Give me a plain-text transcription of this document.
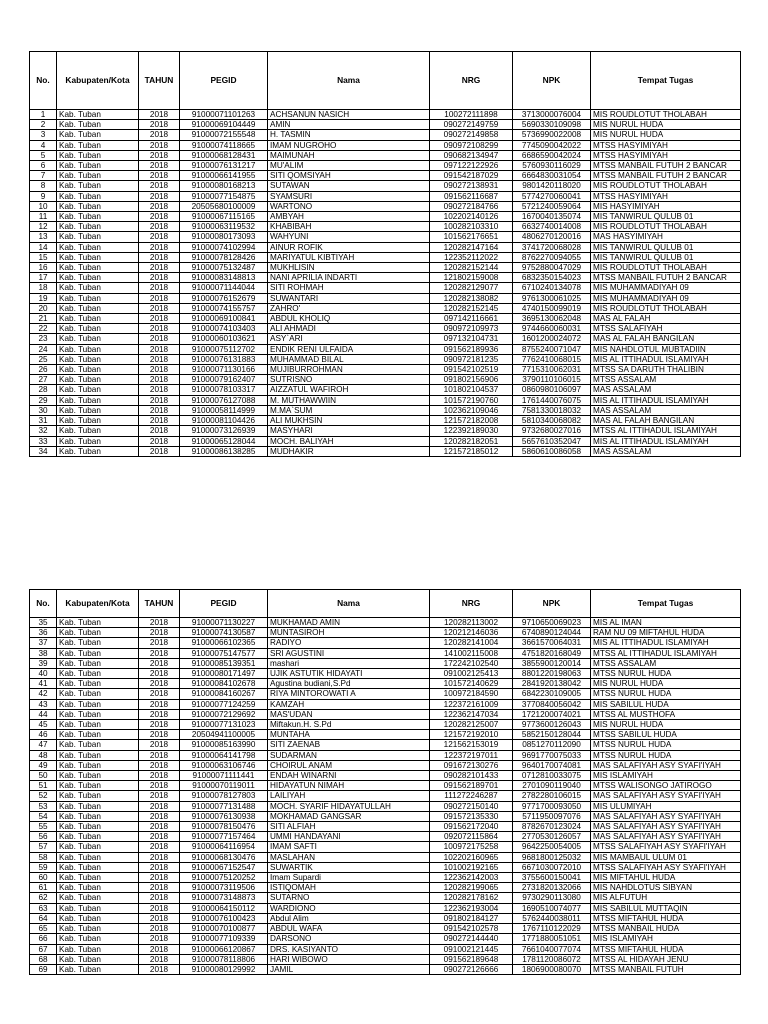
No.	Kabupaten/Kota	TAHUN	PEGID	Nama	NRG	NPK	Tempat Tugas
1	Kab. Tuban	2018	91000071101263	ACHSANUN NASICH	100272111898	3713000076004	MIS ROUDLOTUT THOLABAH
2	Kab. Tuban	2018	91000069104449	AMIN	090272149759	5690330109098	MIS NURUL HUDA
3	Kab. Tuban	2018	91000072155548	H. TASMIN	090272149858	5736990022008	MIS NURUL HUDA
4	Kab. Tuban	2018	91000074118665	IMAM NUGROHO	090972108299	7745090042022	MTSS HASYIMIYAH
5	Kab. Tuban	2018	91000068128431	MAIMUNAH	090682134947	6686590042024	MTSS HASYIMIYAH
6	Kab. Tuban	2018	91000076131217	MU'ALIM	097122122926	5760930116029	MTSS MANBAIL FUTUH 2 BANCAR
7	Kab. Tuban	2018	91000066141955	SITI QOMSIYAH	091542187029	6664830031054	MTSS MANBAIL FUTUH 2 BANCAR
8	Kab. Tuban	2018	91000080168213	SUTAWAN	090272138931	9801420118020	MIS ROUDLOTUT THOLABAH
9	Kab. Tuban	2018	91000077154875	SYAMSURI	091562116687	5774270060041	MTSS HASYIMIYAH
10	Kab. Tuban	2018	20505680100009	WARTONO	090272184766	5721240059064	MIS HASYIMIYAH
11	Kab. Tuban	2018	91000067115165	AMBYAH	102202140126	1670040135074	MIS TANWIRUL QULUB 01
12	Kab. Tuban	2018	91000063119532	KHABIBAH	100282103310	6632740014008	MIS ROUDLOTUT THOLABAH
13	Kab. Tuban	2018	91000080173093	WAHYUNI	101562176651	4806270120016	MAS HASYIMIYAH
14	Kab. Tuban	2018	91000074102994	AINUR ROFIK	120282147164	3741720068028	MIS TANWIRUL QULUB 01
15	Kab. Tuban	2018	91000078128426	MARIYATUL KIBTIYAH	122352112022	8762270094055	MIS TANWIRUL QULUB 01
16	Kab. Tuban	2018	91000075132487	MUKHLISIN	120282152144	9752880047029	MIS ROUDLOTUT THOLABAH
17	Kab. Tuban	2018	91000083148813	NANI APRILIA INDARTI	121802159008	6832350154023	MTSS MANBAIL FUTUH 2 BANCAR
18	Kab. Tuban	2018	91000071144044	SITI ROHMAH	120282129077	6710240134078	MIS MUHAMMADIYAH 09
19	Kab. Tuban	2018	91000076152679	SUWANTARI	120282138082	9761300061025	MIS MUHAMMADIYAH 09
20	Kab. Tuban	2018	91000074155757	ZAHRO'	120282152145	4740150099019	MIS ROUDLOTUT THOLABAH
21	Kab. Tuban	2018	91000069100841	ABDUL KHOLIQ	097142116661	3695130062048	MAS AL FALAH
22	Kab. Tuban	2018	91000074103403	ALI AHMADI	090972109973	9744660060031	MTSS SALAFIYAH
23	Kab. Tuban	2018	91000060103621	ASY`ARI	097132104731	1601200024072	MAS AL FALAH BANGILAN
24	Kab. Tuban	2018	91000075112702	ENDIK RENI ULFAIDA	091562189936	8755240071047	MIS NAHDLOTUL MUBTADIIN
25	Kab. Tuban	2018	91000076131883	MUHAMMAD BILAL	090972181235	7762410068015	MIS AL ITTIHADUL ISLAMIYAH
26	Kab. Tuban	2018	91000071130166	MUJIBURROHMAN	091542102519	7715310062031	MTSS SA DARUTH THALIBIN
27	Kab. Tuban	2018	91000079162407	SUTRISNO	091802156906	3790110106015	MTSS ASSALAM
28	Kab. Tuban	2018	91000078103317	AIZZATUL WAFIROH	101802104537	0860980106097	MAS ASSALAM
29	Kab. Tuban	2018	91000076127088	M. MUTHAWWIIN	101572190760	1761440076075	MIS AL ITTIHADUL ISLAMIYAH
30	Kab. Tuban	2018	91000058114999	M.MA`SUM	102362109046	7581330018032	MAS ASSALAM
31	Kab. Tuban	2018	91000081104426	ALI MUKHSIN	121572182008	5810340068082	MAS AL FALAH BANGILAN
32	Kab. Tuban	2018	91000073126939	MASYHARI	122392189030	9732680027016	MTSS AL ITTIHADUL ISLAMIYAH
33	Kab. Tuban	2018	91000065128044	MOCH. BALIYAH	120282182051	5657610352047	MIS AL ITTIHADUL ISLAMIYAH
34	Kab. Tuban	2018	91000086138285	MUDHAKIR	121572185012	5860610086058	MAS ASSALAM
No.	Kabupaten/Kota	TAHUN	PEGID	Nama	NRG	NPK	Tempat Tugas
35	Kab. Tuban	2018	91000071130227	MUKHAMAD AMIN	120282113002	9710650069023	MIS AL IMAN
36	Kab. Tuban	2018	91000074130587	MUNTASIROH	120212146036	6740890124044	RAM NU 09 MIFTAHUL HUDA
37	Kab. Tuban	2018	91000066102365	RADIYO	120282141004	3661570064031	MIS AL ITTIHADUL ISLAMIYAH
38	Kab. Tuban	2018	91000075147577	SRI AGUSTINI	141002115008	4751820168049	MTSS AL ITTIHADUL ISLAMIYAH
39	Kab. Tuban	2018	91000085139351	mashari	172242102540	3855900120014	MTSS ASSALAM
40	Kab. Tuban	2018	91000080171497	UJIK ASTUTIK HIDAYATI	091002125413	8801220198063	MTSS NURUL HUDA
41	Kab. Tuban	2018	91000084102678	Agustina budiani,S.Pd	101572140629	2841920138042	MIS NURUL HUDA
42	Kab. Tuban	2018	91000084160267	RIYA MINTOROWATI A	100972184590	6842230109005	MTSS NURUL HUDA
43	Kab. Tuban	2018	91000077124259	KAMZAH	122372161009	3770840056042	MIS SABILUL HUDA
44	Kab. Tuban	2018	91000072129692	MAS'UDAN	122362147034	1721200074021	MTSS AL MUSTHOFA
45	Kab. Tuban	2018	91000077131023	Miftakun.H. S.Pd	120282125007	9773600126043	MIS NURUL HUDA
46	Kab. Tuban	2018	20504941100005	MUNTAHA	121572192010	5852150128044	MTSS SABILUL HUDA
47	Kab. Tuban	2018	91000085163990	SITI ZAENAB	121562153019	0851270112090	MTSS NURUL HUDA
48	Kab. Tuban	2018	91000064141798	SUDARMAN	122372197011	9691770075033	MTSS NURUL HUDA
49	Kab. Tuban	2018	91000063106746	CHOIRUL ANAM	091672130276	9640170074081	MAS SALAFIYAH ASY SYAFI'IYAH
50	Kab. Tuban	2018	91000071111441	ENDAH WINARNI	090282101433	0712810033075	MIS ISLAMIYAH
51	Kab. Tuban	2018	91000070119011	HIDAYATUN NIMAH	091562189701	2701090119040	MTSS WALISONGO JATIROGO
52	Kab. Tuban	2018	91000078127803	LAILIYAH	111272246287	2782280106015	MAS SALAFIYAH ASY SYAFI'IYAH
53	Kab. Tuban	2018	91000077131488	MOCH. SYARIF HIDAYATULLAH	090272150140	9771700093050	MIS ULUMIYAH
54	Kab. Tuban	2018	91000076130938	MOKHAMAD GANGSAR	091572135330	5711950097076	MAS SALAFIYAH ASY SYAFI'IYAH
55	Kab. Tuban	2018	91000078150476	SITI ALFIAH	091562172040	8782670123024	MAS SALAFIYAH ASY SYAFI'IYAH
56	Kab. Tuban	2018	91000077157464	UMMI HANDAYANI	092072115864	2770530126057	MAS SALAFIYAH ASY SYAFI'IYAH
57	Kab. Tuban	2018	91000064116954	IMAM SAFTI	100972175258	9642250054005	MTSS SALAFIYAH ASY SYAFI'IYAH
58	Kab. Tuban	2018	91000068130476	MASLAHAN	102202160965	9681800125032	MIS MAMBAUL ULUM 01
59	Kab. Tuban	2018	91000067152547	SUWARTIK	101002192165	6671030072010	MTSS SALAFIYAH ASY SYAFI'IYAH
60	Kab. Tuban	2018	91000075120252	Imam Supardi	122362142003	3755600150041	MIS MIFTAHUL HUDA
61	Kab. Tuban	2018	91000073119506	ISTIQOMAH	120282199065	2731820132066	MIS NAHDLOTUS SIBYAN
62	Kab. Tuban	2018	91000073148873	SUTARNO	120282178162	9730290113080	MIS ALFUTUH
63	Kab. Tuban	2018	91000064150112	WARDIONO	122362193004	1690510074077	MIS SABILUL MUTTAQIN
64	Kab. Tuban	2018	91000076100423	Abdul Alim	091802184127	5762440038011	MTSS MIFTAHUL HUDA
65	Kab. Tuban	2018	91000070100877	ABDUL WAFA	091542102578	1767110122029	MTSS MANBAIL HUDA
66	Kab. Tuban	2018	91000077109339	DARSONO	090272144440	1771880051051	MIS ISLAMIYAH
67	Kab. Tuban	2018	91000066120867	DRS. KASIYANTO	091002121445	7661040077074	MTSS MIFTAHUL HUDA
68	Kab. Tuban	2018	91000078118806	HARI WIBOWO	091562189648	1781120086072	MTSS AL HIDAYAH JENU
69	Kab. Tuban	2018	91000080129992	JAMIL	090272126666	1806900080070	MTSS MANBAIL FUTUH
